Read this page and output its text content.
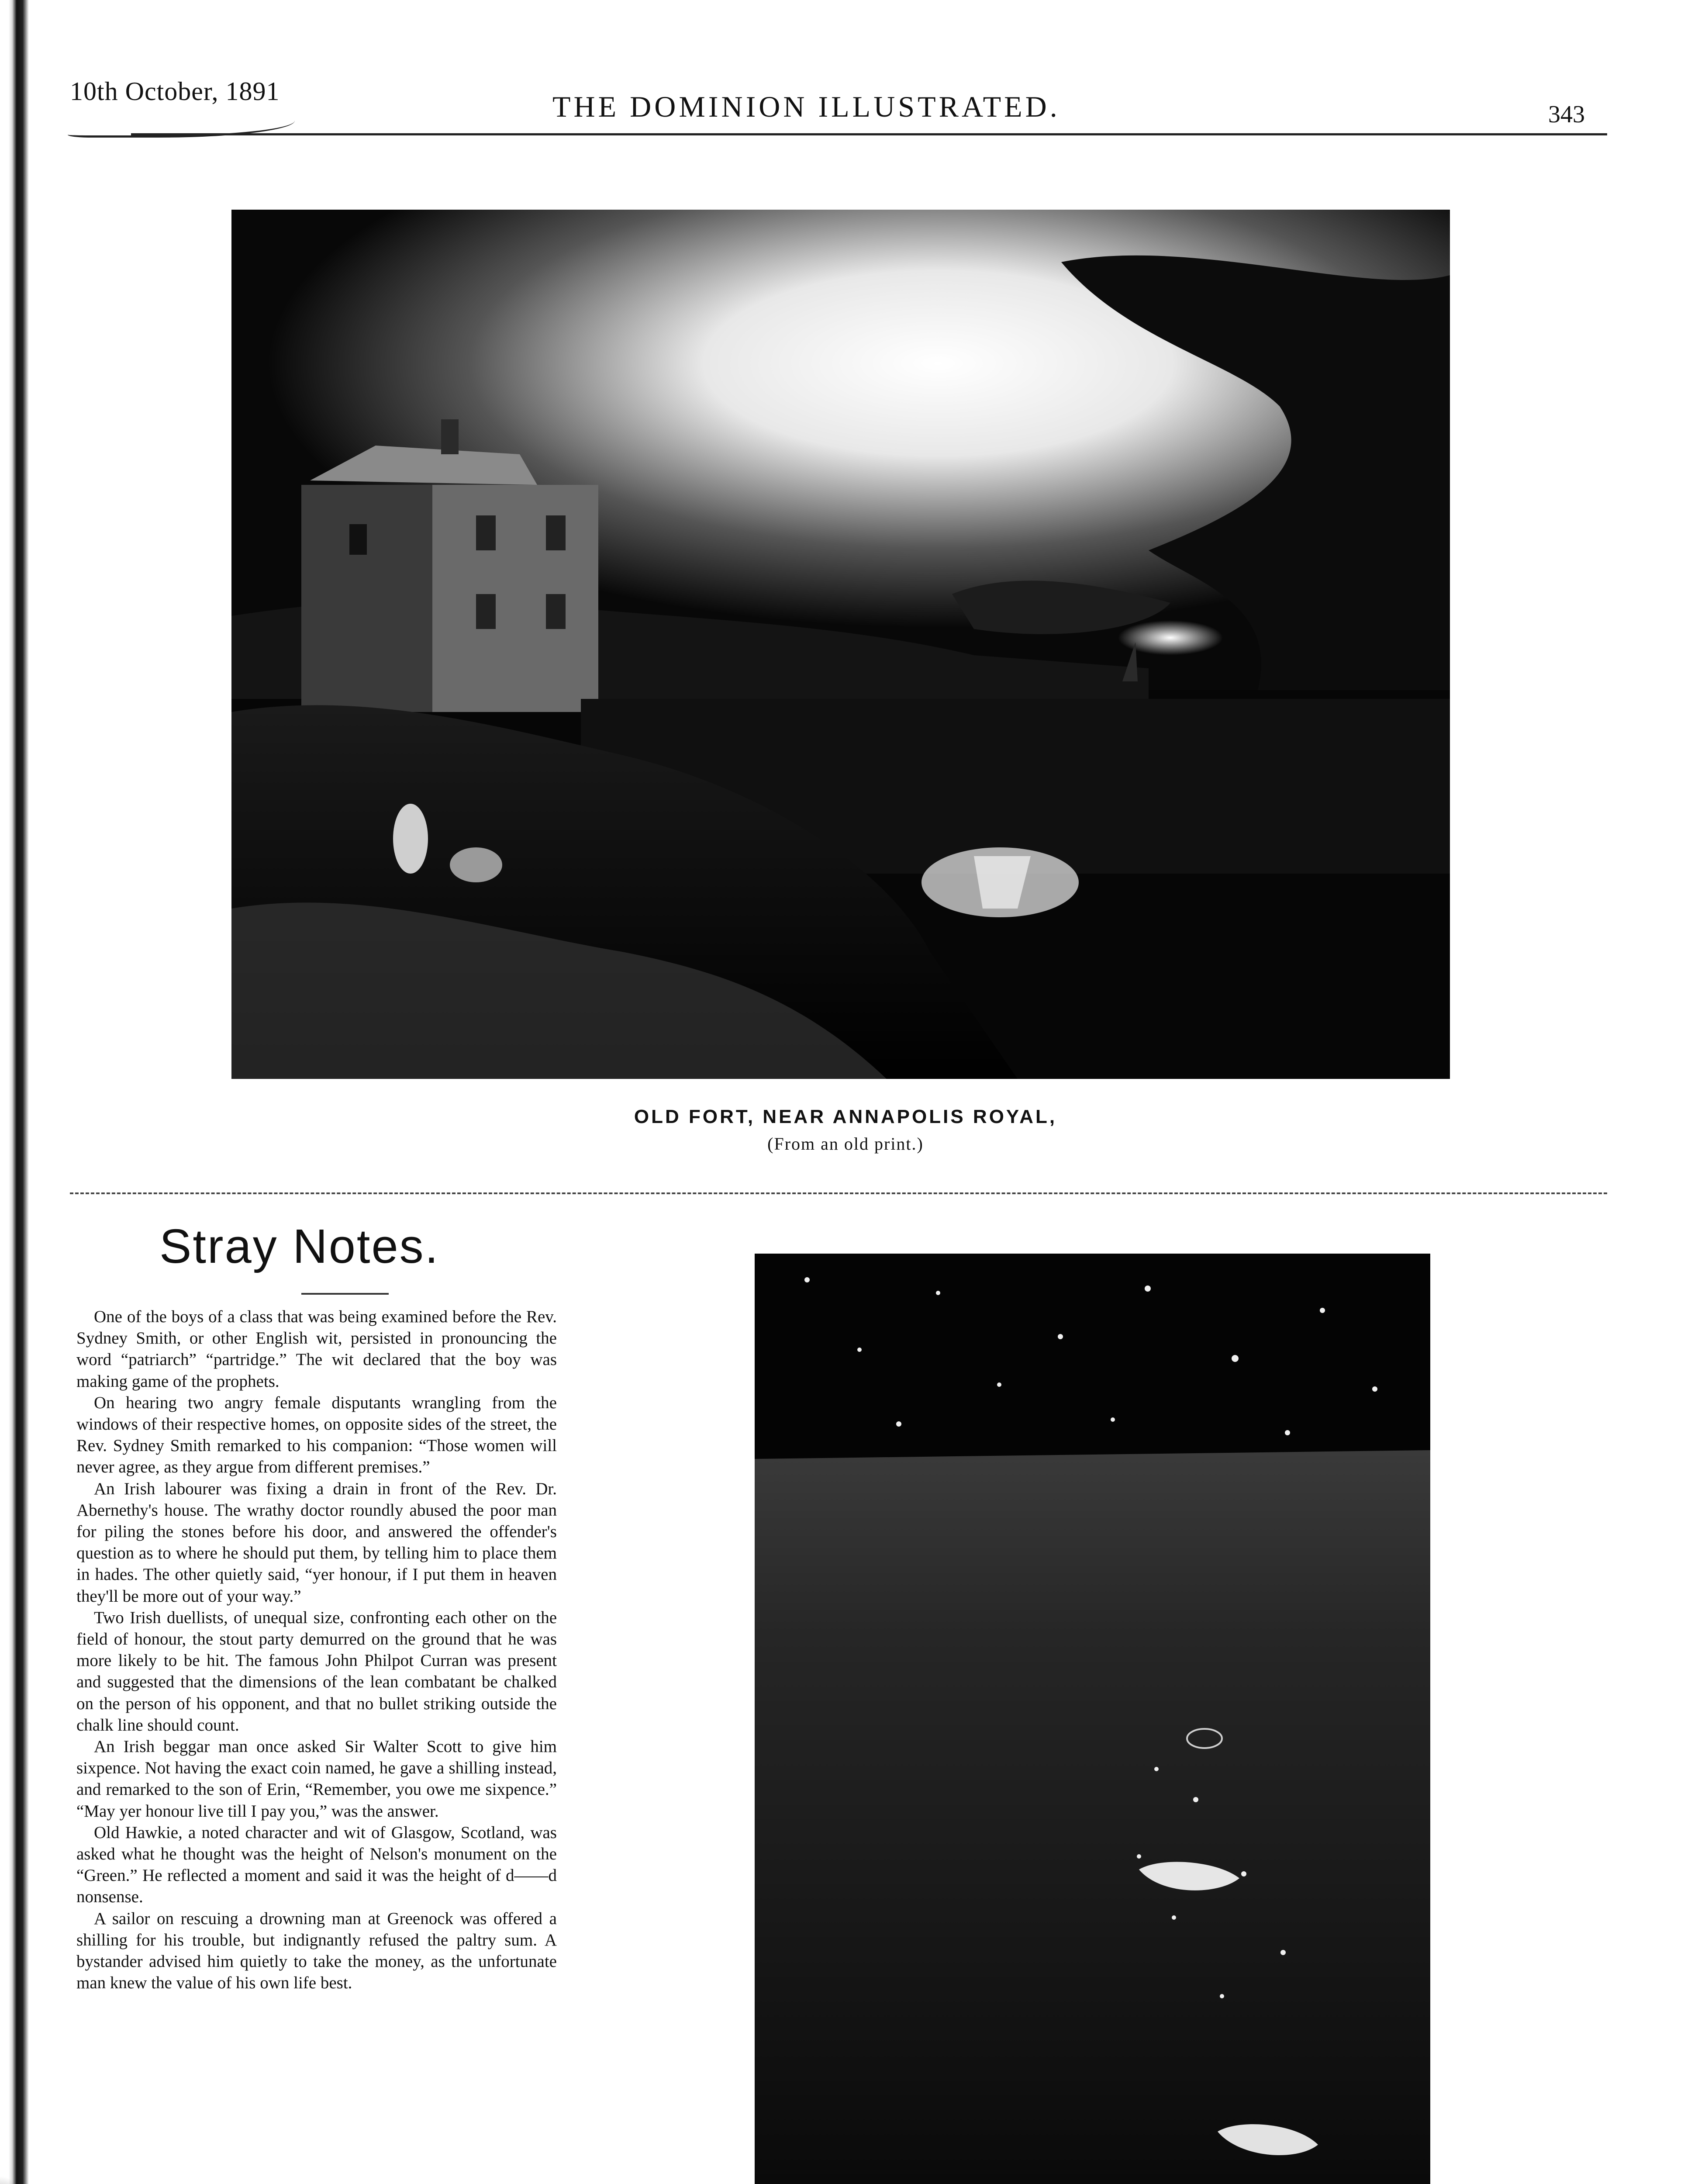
10th October, 1891	THE DOMINION ILLUSTRATED.	343
OLD FORT, NEAR ANNAPOLIS ROYAL,
(From an old print.)
Stray Notes.

One of the boys of a class that was being examined before the Rev. Sydney Smith, or other English wit, persisted in pronouncing the word “patriarch” “partridge.” The wit declared that the boy was making game of the prophets.

On hearing two angry female disputants wrangling from the windows of their respective homes, on opposite sides of the street, the Rev. Sydney Smith remarked to his companion: “Those women will never agree, as they argue from different premises.”

An Irish labourer was fixing a drain in front of the Rev. Dr. Abernethy's house. The wrathy doctor roundly abused the poor man for piling the stones before his door, and answered the offender's question as to where he should put them, by telling him to place them in hades. The other quietly said, “yer honour, if I put them in heaven they'll be more out of your way.”

Two Irish duellists, of unequal size, confronting each other on the field of honour, the stout party demurred on the ground that he was more likely to be hit. The famous John Philpot Curran was present and suggested that the dimensions of the lean combatant be chalked on the person of his opponent, and that no bullet striking outside the chalk line should count.

An Irish beggar man once asked Sir Walter Scott to give him sixpence. Not having the exact coin named, he gave a shilling instead, and remarked to the son of Erin, “Remember, you owe me sixpence.” “May yer honour live till I pay you,” was the answer.

Old Hawkie, a noted character and wit of Glasgow, Scotland, was asked what he thought was the height of Nelson's monument on the “Green.” He reflected a moment and said it was the height of d——d nonsense.

A sailor on rescuing a drowning man at Greenock was offered a shilling for his trouble, but indignantly refused the paltry sum. A bystander advised him quietly to take the money, as the unfortunate man knew the value of his own life best.
